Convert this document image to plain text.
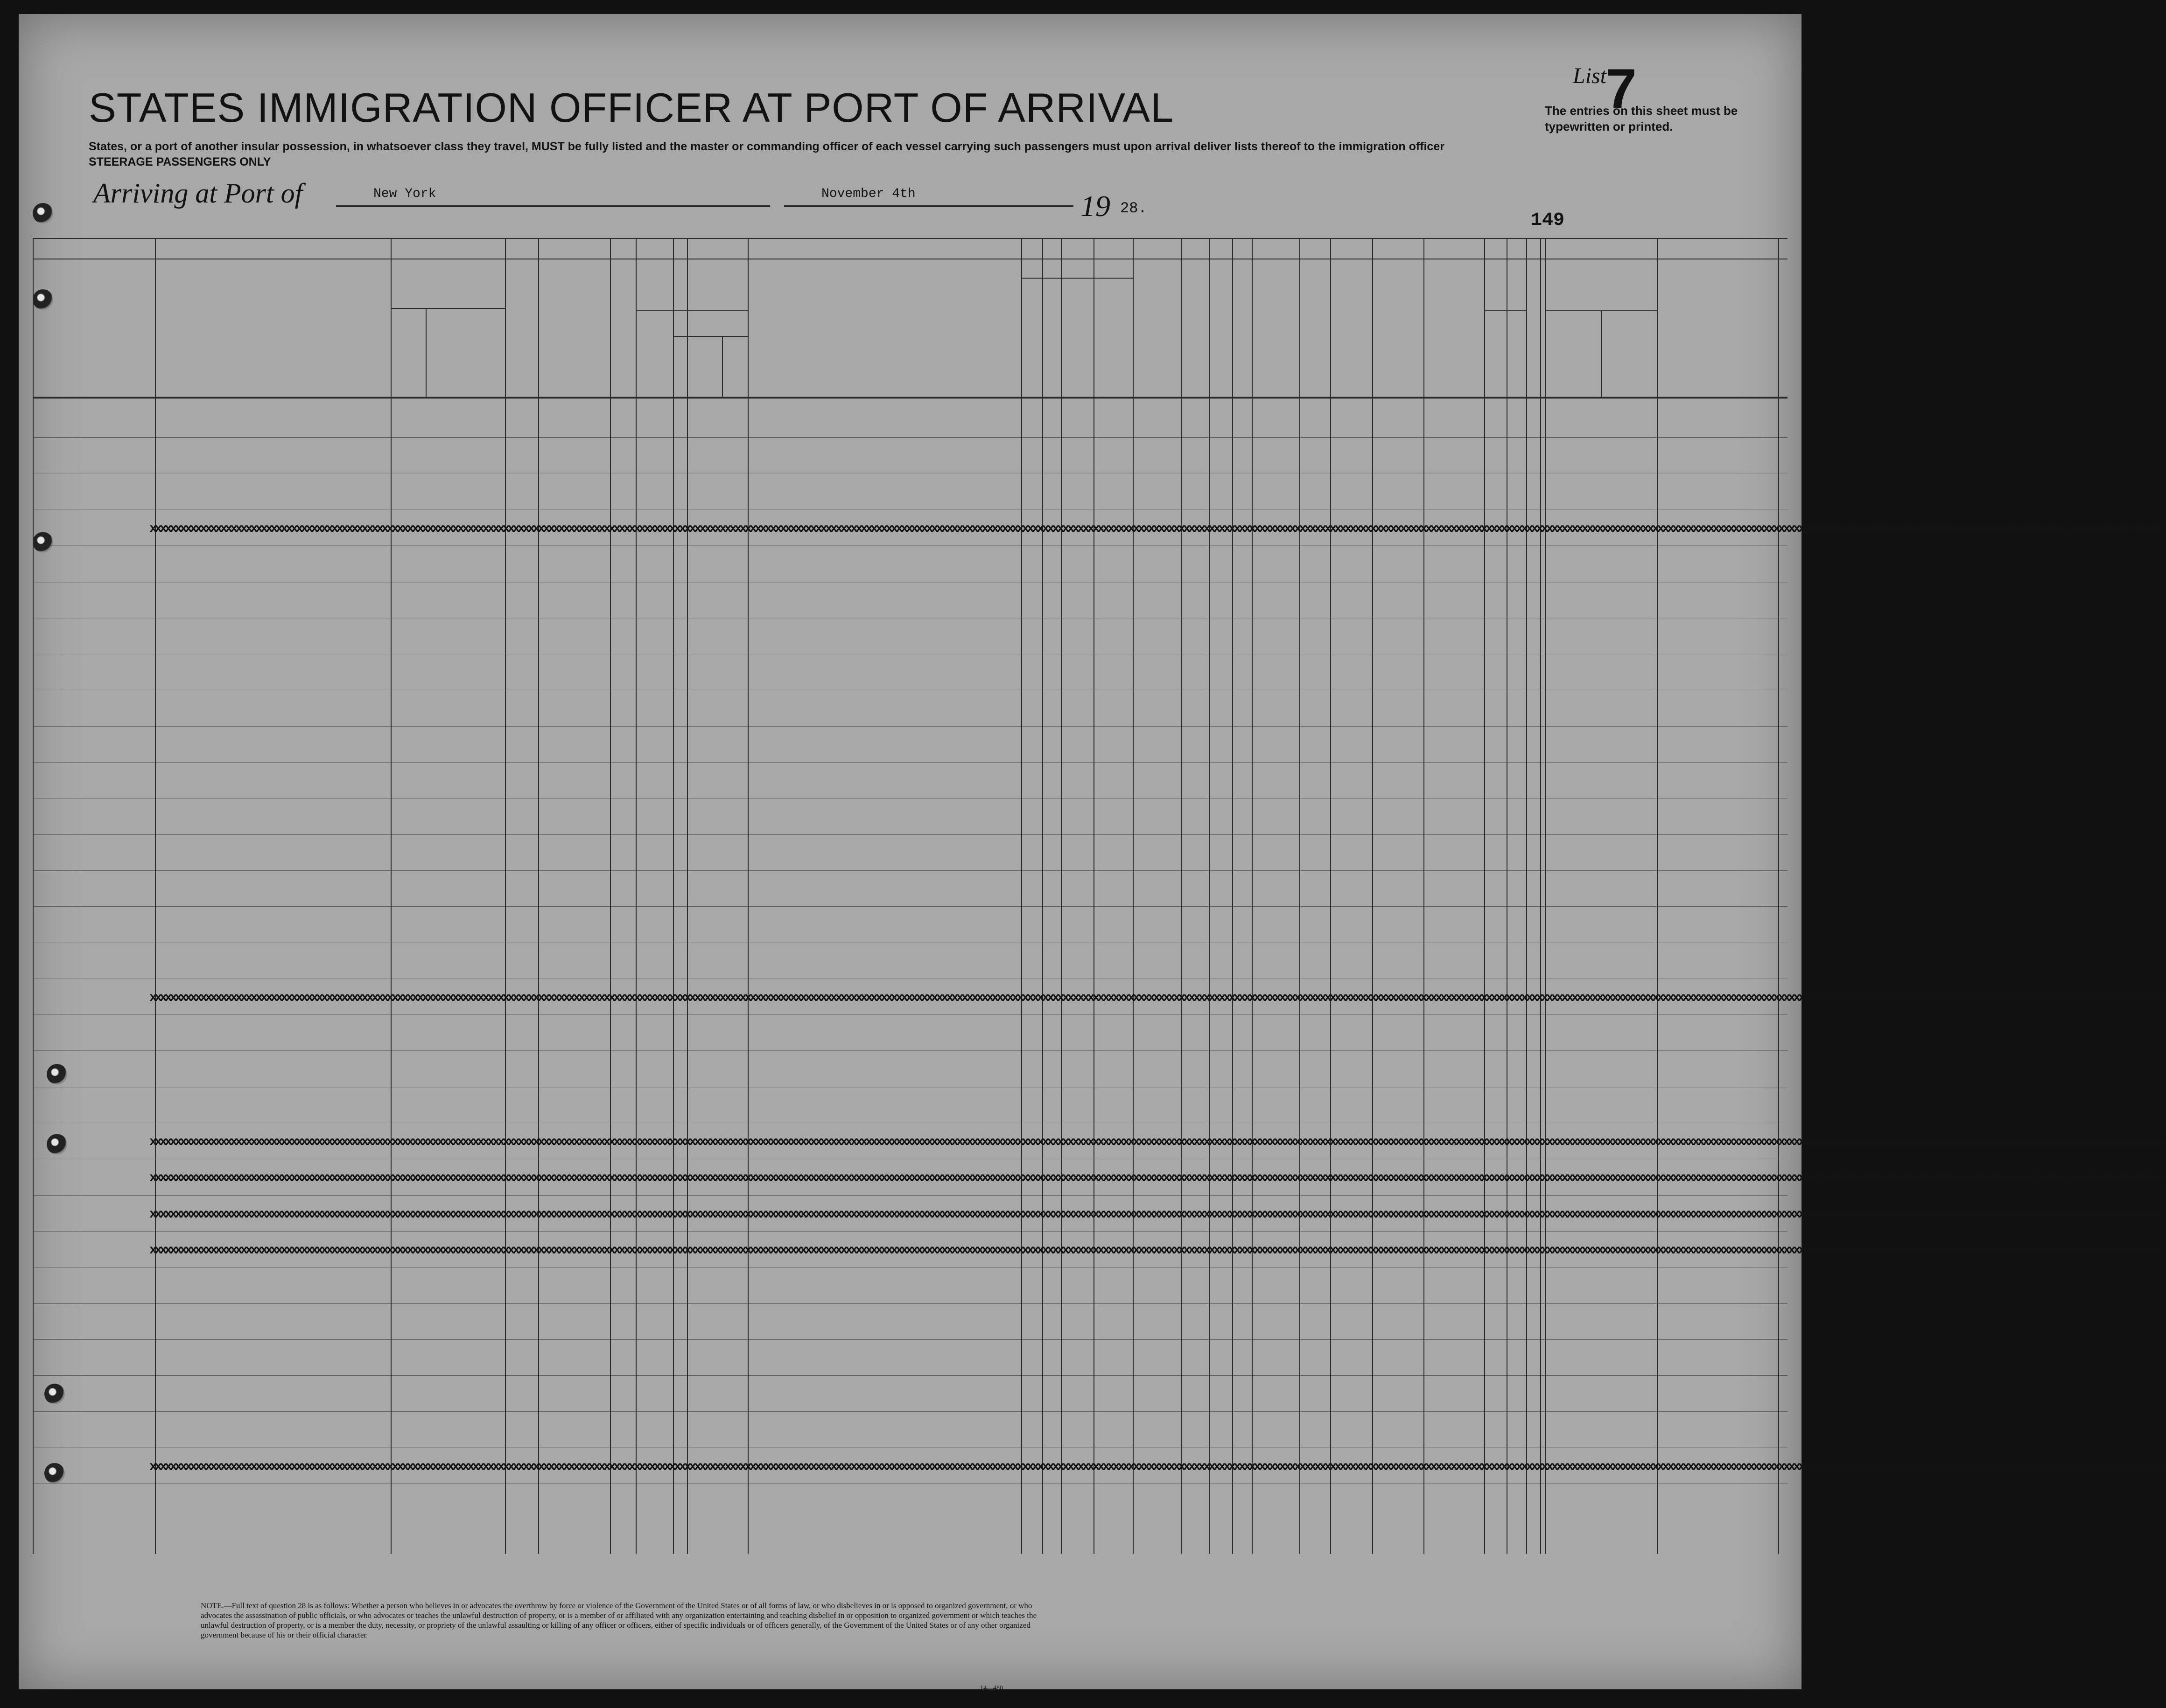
STATES IMMIGRATION OFFICER AT PORT OF ARRIVAL
States, or a port of another insular possession, in whatsoever class they travel, MUST be fully listed and the master or commanding officer of each vessel carrying such passengers must upon arrival deliver lists thereof to the immigration officer
STEERAGE PASSENGERS ONLY
List
7
The entries on this sheet must be typewritten or printed.
Arriving at Port of	New York	November 4th	19 28.
149
xxxxxxxxxxxxxxxxxxxxxxxxxxxxxxxxxxxxxxxxxxxxxxxxxxxxxxxxxxxxxxxxxxxxxxxxxxxxxxxxxxxxxxxxxxxxxxxxxxxxxxxxxxxxxxxxxxxxxxxxxxxxxxxxxxxxxxxxxxxxxxxxxxxxxxxxxxxxxxxxxxxxxxxxxxxxxxxxxxxxxxxxxxxxxxxxxxxxxxxxxxxxxxxxxxxxxxxxxxxxxxxxxxxxxxxxxxxxxxxxxxxxxxxxxxxxxxxxxxxxxxxxxxxxxxxxxxxxxxxxxxxxxxxxxxxxxxxxxxxxxxxxxxxxxxxxxxxxxxxxxxxxxxxxxxxxxxxxxxxxxxxxxxxxxxxxxxxxxxxxxxxxxxxxxxxxxxxxxxxxxxxxxxxxxxxxxxxxxxxx
xxxxxxxxxxxxxxxxxxxxxxxxxxxxxxxxxxxxxxxxxxxxxxxxxxxxxxxxxxxxxxxxxxxxxxxxxxxxxxxxxxxxxxxxxxxxxxxxxxxxxxxxxxxxxxxxxxxxxxxxxxxxxxxxxxxxxxxxxxxxxxxxxxxxxxxxxxxxxxxxxxxxxxxxxxxxxxxxxxxxxxxxxxxxxxxxxxxxxxxxxxxxxxxxxxxxxxxxxxxxxxxxxxxxxxxxxxxxxxxxxxxxxxxxxxxxxxxxxxxxxxxxxxxxxxxxxxxxxxxxxxxxxxxxxxxxxxxxxxxxxxxxxxxxxxxxxxxxxxxxxxxxxxxxxxxxxxxxxxxxxxxxxxxxxxxxxxxxxxxxxxxxxxxxxxxxxxxxxxxxxxxxxxxxxxxxxxxxxxxx
xxxxxxxxxxxxxxxxxxxxxxxxxxxxxxxxxxxxxxxxxxxxxxxxxxxxxxxxxxxxxxxxxxxxxxxxxxxxxxxxxxxxxxxxxxxxxxxxxxxxxxxxxxxxxxxxxxxxxxxxxxxxxxxxxxxxxxxxxxxxxxxxxxxxxxxxxxxxxxxxxxxxxxxxxxxxxxxxxxxxxxxxxxxxxxxxxxxxxxxxxxxxxxxxxxxxxxxxxxxxxxxxxxxxxxxxxxxxxxxxxxxxxxxxxxxxxxxxxxxxxxxxxxxxxxxxxxxxxxxxxxxxxxxxxxxxxxxxxxxxxxxxxxxxxxxxxxxxxxxxxxxxxxxxxxxxxxxxxxxxxxxxxxxxxxxxxxxxxxxxxxxxxxxxxxxxxxxxxxxxxxxxxxxxxxxxxxxxxxxx
xxxxxxxxxxxxxxxxxxxxxxxxxxxxxxxxxxxxxxxxxxxxxxxxxxxxxxxxxxxxxxxxxxxxxxxxxxxxxxxxxxxxxxxxxxxxxxxxxxxxxxxxxxxxxxxxxxxxxxxxxxxxxxxxxxxxxxxxxxxxxxxxxxxxxxxxxxxxxxxxxxxxxxxxxxxxxxxxxxxxxxxxxxxxxxxxxxxxxxxxxxxxxxxxxxxxxxxxxxxxxxxxxxxxxxxxxxxxxxxxxxxxxxxxxxxxxxxxxxxxxxxxxxxxxxxxxxxxxxxxxxxxxxxxxxxxxxxxxxxxxxxxxxxxxxxxxxxxxxxxxxxxxxxxxxxxxxxxxxxxxxxxxxxxxxxxxxxxxxxxxxxxxxxxxxxxxxxxxxxxxxxxxxxxxxxxxxxxxxxx
xxxxxxxxxxxxxxxxxxxxxxxxxxxxxxxxxxxxxxxxxxxxxxxxxxxxxxxxxxxxxxxxxxxxxxxxxxxxxxxxxxxxxxxxxxxxxxxxxxxxxxxxxxxxxxxxxxxxxxxxxxxxxxxxxxxxxxxxxxxxxxxxxxxxxxxxxxxxxxxxxxxxxxxxxxxxxxxxxxxxxxxxxxxxxxxxxxxxxxxxxxxxxxxxxxxxxxxxxxxxxxxxxxxxxxxxxxxxxxxxxxxxxxxxxxxxxxxxxxxxxxxxxxxxxxxxxxxxxxxxxxxxxxxxxxxxxxxxxxxxxxxxxxxxxxxxxxxxxxxxxxxxxxxxxxxxxxxxxxxxxxxxxxxxxxxxxxxxxxxxxxxxxxxxxxxxxxxxxxxxxxxxxxxxxxxxxxxxxxxx
xxxxxxxxxxxxxxxxxxxxxxxxxxxxxxxxxxxxxxxxxxxxxxxxxxxxxxxxxxxxxxxxxxxxxxxxxxxxxxxxxxxxxxxxxxxxxxxxxxxxxxxxxxxxxxxxxxxxxxxxxxxxxxxxxxxxxxxxxxxxxxxxxxxxxxxxxxxxxxxxxxxxxxxxxxxxxxxxxxxxxxxxxxxxxxxxxxxxxxxxxxxxxxxxxxxxxxxxxxxxxxxxxxxxxxxxxxxxxxxxxxxxxxxxxxxxxxxxxxxxxxxxxxxxxxxxxxxxxxxxxxxxxxxxxxxxxxxxxxxxxxxxxxxxxxxxxxxxxxxxxxxxxxxxxxxxxxxxxxxxxxxxxxxxxxxxxxxxxxxxxxxxxxxxxxxxxxxxxxxxxxxxxxxxxxxxxxxxxxxx
xxxxxxxxxxxxxxxxxxxxxxxxxxxxxxxxxxxxxxxxxxxxxxxxxxxxxxxxxxxxxxxxxxxxxxxxxxxxxxxxxxxxxxxxxxxxxxxxxxxxxxxxxxxxxxxxxxxxxxxxxxxxxxxxxxxxxxxxxxxxxxxxxxxxxxxxxxxxxxxxxxxxxxxxxxxxxxxxxxxxxxxxxxxxxxxxxxxxxxxxxxxxxxxxxxxxxxxxxxxxxxxxxxxxxxxxxxxxxxxxxxxxxxxxxxxxxxxxxxxxxxxxxxxxxxxxxxxxxxxxxxxxxxxxxxxxxxxxxxxxxxxxxxxxxxxxxxxxxxxxxxxxxxxxxxxxxxxxxxxxxxxxxxxxxxxxxxxxxxxxxxxxxxxxxxxxxxxxxxxxxxxxxxxxxxxxxxxxxxxx
NOTE.—Full text of question 28 is as follows: Whether a person who believes in or advocates the overthrow by force or violence of the Government of the United States or of all forms of law, or who disbelieves in or is opposed to organized government, or who advocates the assassination of public officials, or who advocates or teaches the unlawful destruction of property, or is a member of or affiliated with any organization entertaining and teaching disbelief in or opposition to organized government or which teaches the unlawful destruction of property, or is a member the duty, necessity, or propriety of the unlawful assaulting or killing of any officer or officers, either of specific individuals or of officers generally, of the Government of the United States or of any other organized government because of his or their official character.
14—480
